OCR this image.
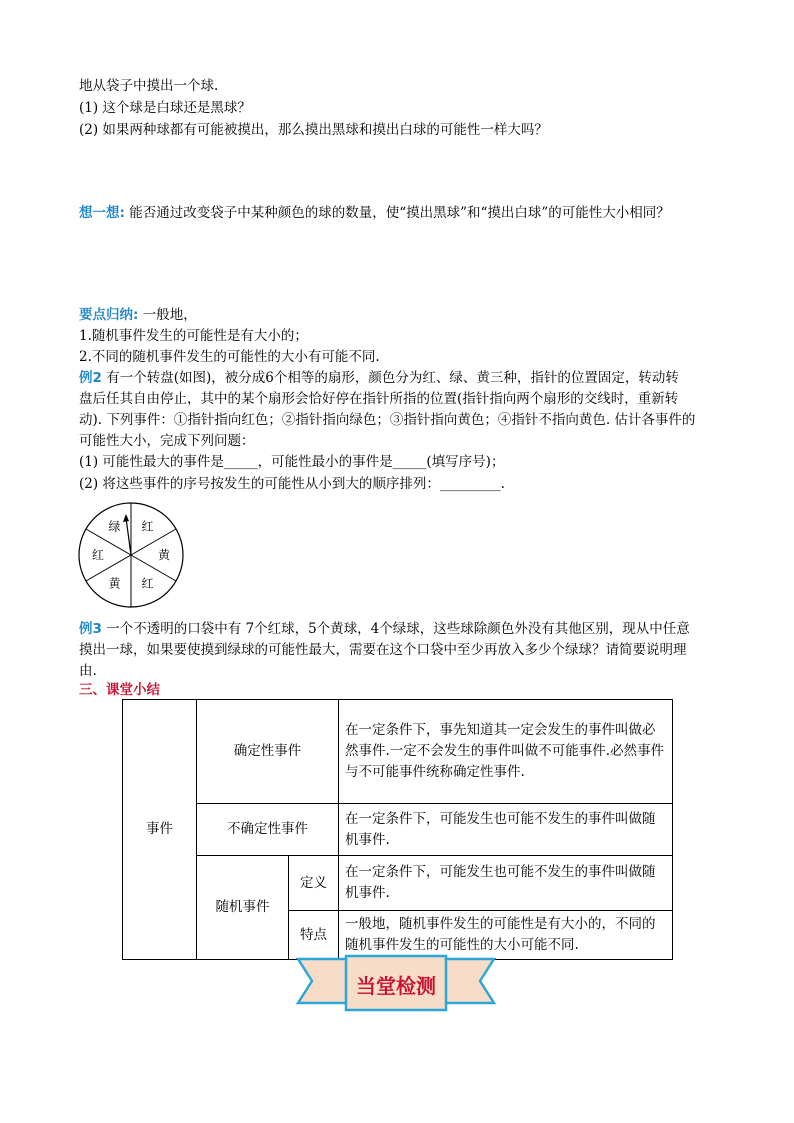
地从袋子中摸出一个球.
(1) 这个球是白球还是黑球？
(2) 如果两种球都有可能被摸出，那么摸出黑球和摸出白球的可能性一样大吗？
想一想: 能否通过改变袋子中某种颜色的球的数量，使“摸出黑球”和“摸出白球”的可能性大小相同？
要点归纳: 一般地，
1.随机事件发生的可能性是有大小的；
2.不同的随机事件发生的可能性的大小有可能不同.
例2 有一个转盘(如图)，被分成6个相等的扇形，颜色分为红、绿、黄三种，指针的位置固定，转动转
盘后任其自由停止，其中的某个扇形会恰好停在指针所指的位置(指针指向两个扇形的交线时，重新转
动). 下列事件：①指针指向红色；②指针指向绿色；③指针指向黄色；④指针不指向黄色. 估计各事件的
可能性大小，完成下列问题：
(1) 可能性最大的事件是_____，可能性最小的事件是_____(填写序号)；
(2) 将这些事件的序号按发生的可能性从小到大的顺序排列：_________.
绿 红
黄
红
黄
红
例3 一个不透明的口袋中有 7个红球，5个黄球，4个绿球，这些球除颜色外没有其他区别，现从中任意
摸出一球，如果要使摸到绿球的可能性最大，需要在这个口袋中至少再放入多少个绿球？请简要说明理
由.
三、课堂小结
事件	确定性事件		在一定条件下，事先知道其一定会发生的事件叫做必然事件.一定不会发生的事件叫做不可能事件.必然事件与不可能事件统称确定性事件.
	不确定性事件		在一定条件下，可能发生也可能不发生的事件叫做随机事件.
	随机事件	定义	在一定条件下，可能发生也可能不发生的事件叫做随机事件.
		特点	一般地，随机事件发生的可能性是有大小的，不同的随机事件发生的可能性的大小可能不同.
当堂检测
